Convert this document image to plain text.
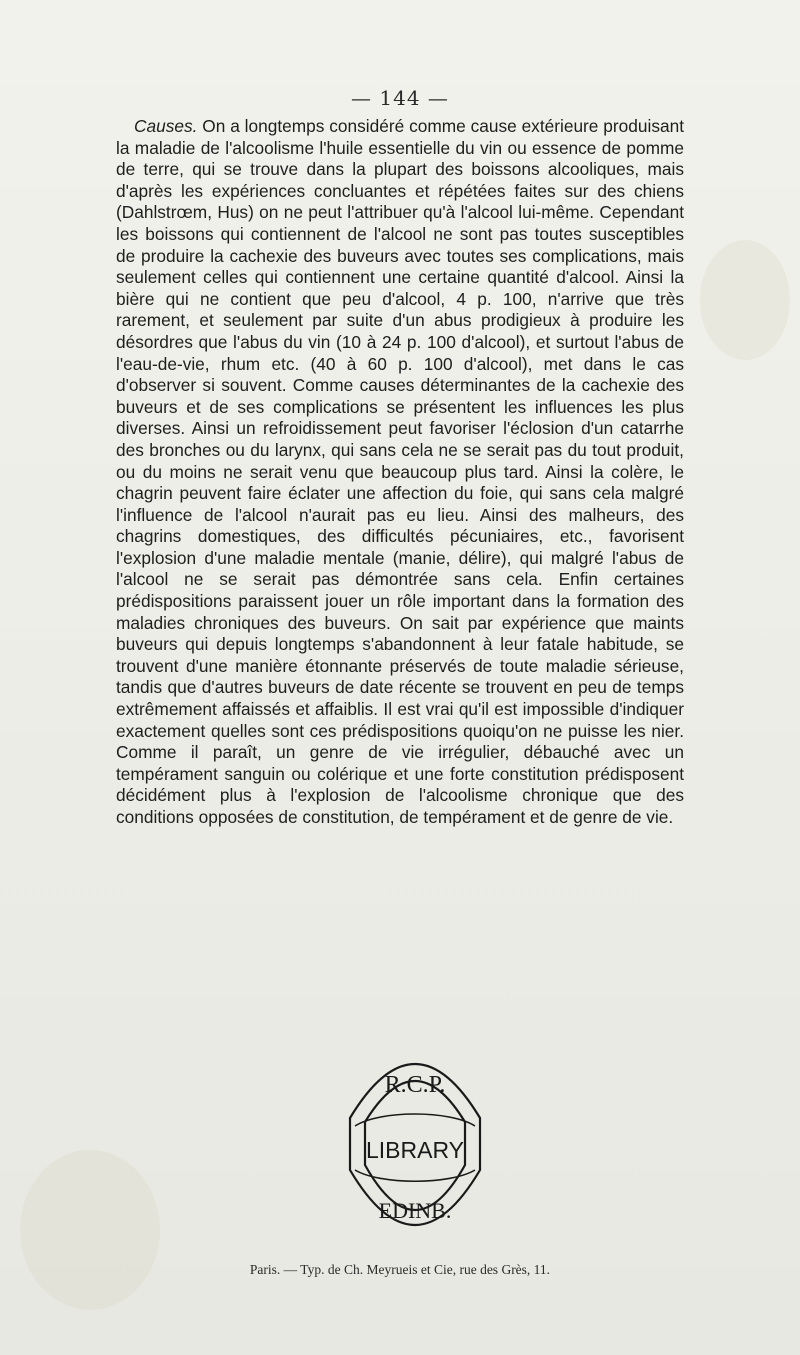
— 144 —

Causes. On a longtemps considéré comme cause extérieure produisant la maladie de l'alcoolisme l'huile essentielle du vin ou essence de pomme de terre, qui se trouve dans la plupart des boissons alcooliques, mais d'après les expériences concluantes et répétées faites sur des chiens (Dahlstrœm, Hus) on ne peut l'attribuer qu'à l'alcool lui-même. Cependant les boissons qui contiennent de l'alcool ne sont pas toutes susceptibles de produire la cachexie des buveurs avec toutes ses complications, mais seulement celles qui contiennent une certaine quantité d'alcool. Ainsi la bière qui ne contient que peu d'alcool, 4 p. 100, n'arrive que très rarement, et seulement par suite d'un abus prodigieux à produire les désordres que l'abus du vin (10 à 24 p. 100 d'alcool), et surtout l'abus de l'eau-de-vie, rhum etc. (40 à 60 p. 100 d'alcool), met dans le cas d'observer si souvent. Comme causes déterminantes de la cachexie des buveurs et de ses complications se présentent les influences les plus diverses. Ainsi un refroidissement peut favoriser l'éclosion d'un catarrhe des bronches ou du larynx, qui sans cela ne se serait pas du tout produit, ou du moins ne serait venu que beaucoup plus tard. Ainsi la colère, le chagrin peuvent faire éclater une affection du foie, qui sans cela malgré l'influence de l'alcool n'aurait pas eu lieu. Ainsi des malheurs, des chagrins domestiques, des difficultés pécuniaires, etc., favorisent l'explosion d'une maladie mentale (manie, délire), qui malgré l'abus de l'alcool ne se serait pas démontrée sans cela. Enfin certaines prédispositions paraissent jouer un rôle important dans la formation des maladies chroniques des buveurs. On sait par expérience que maints buveurs qui depuis longtemps s'abandonnent à leur fatale habitude, se trouvent d'une manière étonnante préservés de toute maladie sérieuse, tandis que d'autres buveurs de date récente se trouvent en peu de temps extrêmement affaissés et affaiblis. Il est vrai qu'il est impossible d'indiquer exactement quelles sont ces prédispositions quoiqu'on ne puisse les nier. Comme il paraît, un genre de vie irrégulier, débauché avec un tempérament sanguin ou colérique et une forte constitution prédisposent décidément plus à l'explosion de l'alcoolisme chronique que des conditions opposées de constitution, de tempérament et de genre de vie.

R.C.P.
LIBRARY
EDINB.
Paris. — Typ. de Ch. Meyrueis et Cie, rue des Grès, 11.
